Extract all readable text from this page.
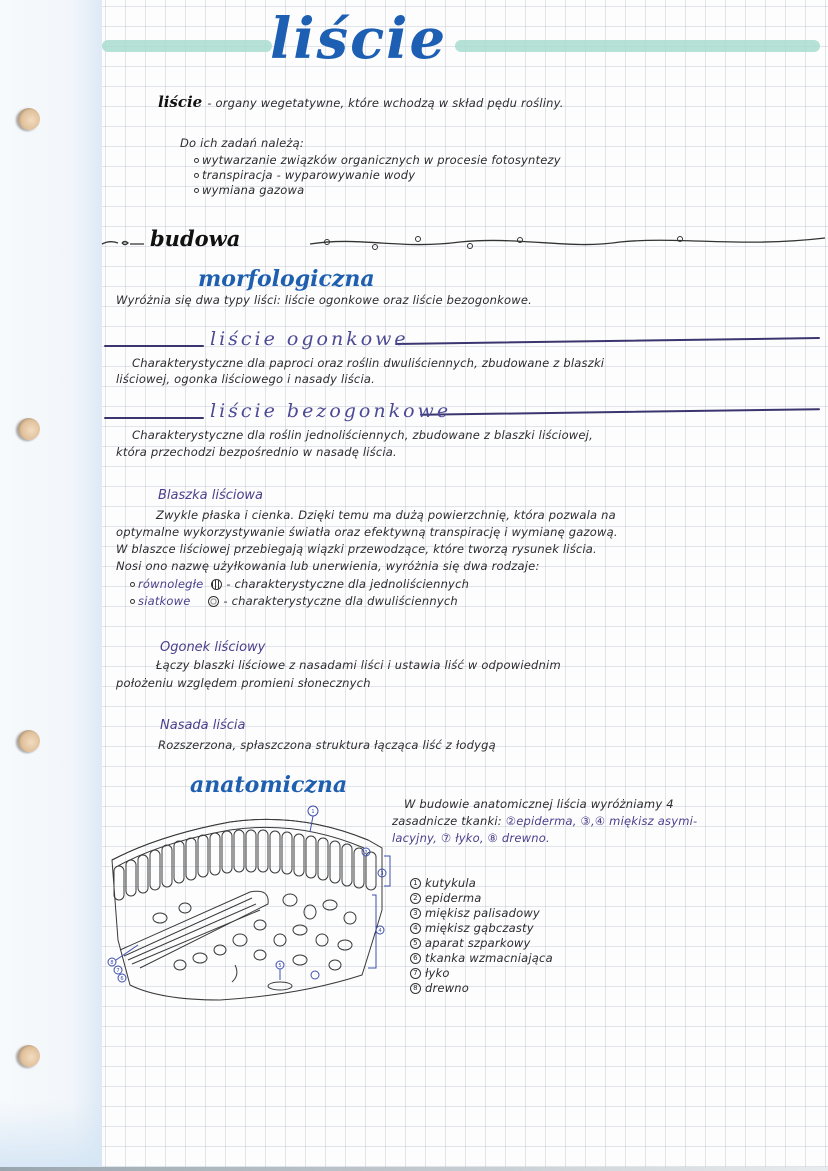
liście
liście - organy wegetatywne, które wchodzą w skład pędu rośliny.
Do ich zadań należą:
wytwarzanie związków organicznych w procesie fotosyntezy
transpiracja - wyparowywanie wody
wymiana gazowa
budowa
morfologiczna
Wyróżnia się dwa typy liści: liście ogonkowe oraz liście bezogonkowe.
liście ogonkowe
Charakterystyczne dla paproci oraz roślin dwuliściennych, zbudowane z blaszki
liściowej, ogonka liściowego i nasady liścia.
liście bezogonkowe
Charakterystyczne dla roślin jednoliściennych, zbudowane z blaszki liściowej,
która przechodzi bezpośrednio w nasadę liścia.
Blaszka liściowa
Zwykle płaska i cienka. Dzięki temu ma dużą powierzchnię, która pozwala na
optymalne wykorzystywanie światła oraz efektywną transpirację i wymianę gazową.
W blaszce liściowej przebiegają wiązki przewodzące, które tworzą rysunek liścia.
Nosi ono nazwę użyłkowania lub unerwienia, wyróżnia się dwa rodzaje:
równoległe - charakterystyczne dla jednoliściennych
siatkowe	- charakterystyczne dla dwuliściennych
Ogonek liściowy
Łączy blaszki liściowe z nasadami liści i ustawia liść w odpowiednim
położeniu względem promieni słonecznych
Nasada liścia
Rozszerzona, spłaszczona struktura łącząca liść z łodygą
anatomiczna
W budowie anatomicznej liścia wyróżniamy 4
zasadnicze tkanki: ②epiderma, ③,④ miękisz asymi-
lacyjny, ⑦ łyko, ⑧ drewno.
1 kutykula
2 epiderma
3 miękisz palisadowy
4 miękisz gąbczasty
5 aparat szparkowy
6 tkanka wzmacniająca
7 łyko
8 drewno
1
2
3
4
5
6
7
8
